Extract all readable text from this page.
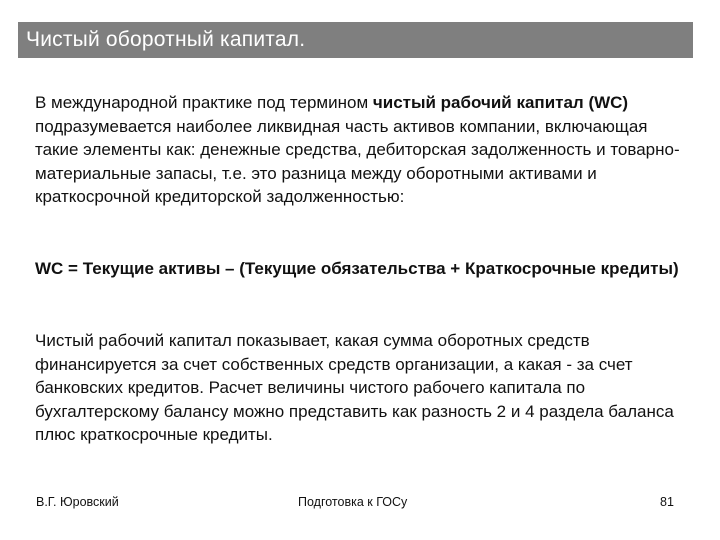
Чистый оборотный капитал.
В международной практике под термином чистый рабочий капитал (WC) подразумевается наиболее ликвидная часть активов компании, включающая такие элементы как: денежные средства, дебиторская задолженность и товарно-материальные запасы, т.е. это разница между оборотными активами и краткосрочной кредиторской задолженностью:
WC = Текущие активы – (Текущие обязательства + Краткосрочные кредиты)
Чистый рабочий капитал показывает, какая сумма оборотных средств финансируется за счет собственных средств организации, а какая - за счет банковских кредитов. Расчет величины чистого рабочего капитала по бухгалтерскому балансу можно представить как разность 2 и 4 раздела баланса плюс краткосрочные кредиты.
В.Г. Юровский	Подготовка к ГОСу	81
